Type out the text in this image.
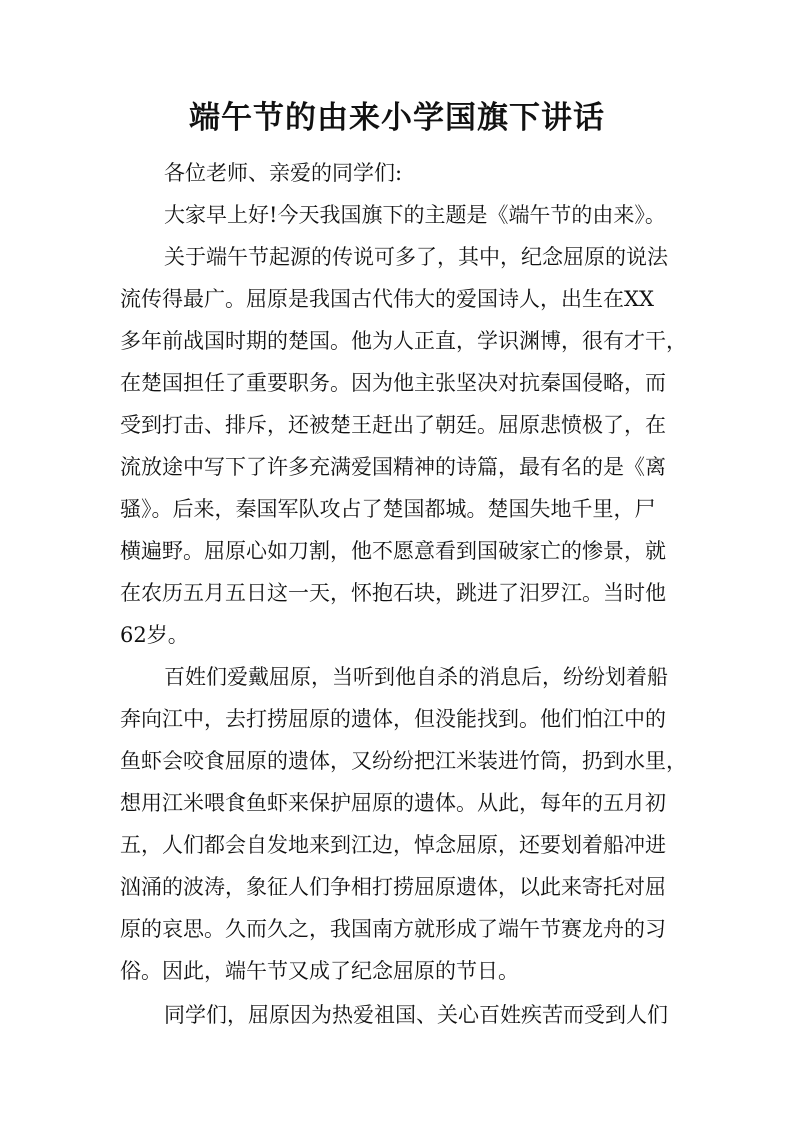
端午节的由来小学国旗下讲话
各位老师、亲爱的同学们:
大家早上好!今天我国旗下的主题是《端午节的由来》。
关于端午节起源的传说可多了，其中，纪念屈原的说法
流传得最广。屈原是我国古代伟大的爱国诗人，出生在XX
多年前战国时期的楚国。他为人正直，学识渊博，很有才干，
在楚国担任了重要职务。因为他主张坚决对抗秦国侵略，而
受到打击、排斥，还被楚王赶出了朝廷。屈原悲愤极了，在
流放途中写下了许多充满爱国精神的诗篇，最有名的是《离
骚》。后来，秦国军队攻占了楚国都城。楚国失地千里，尸
横遍野。屈原心如刀割，他不愿意看到国破家亡的惨景，就
在农历五月五日这一天，怀抱石块，跳进了汨罗江。当时他
62岁。
百姓们爱戴屈原，当听到他自杀的消息后，纷纷划着船
奔向江中，去打捞屈原的遗体，但没能找到。他们怕江中的
鱼虾会咬食屈原的遗体，又纷纷把江米装进竹筒，扔到水里，
想用江米喂食鱼虾来保护屈原的遗体。从此，每年的五月初
五，人们都会自发地来到江边，悼念屈原，还要划着船冲进
汹涌的波涛，象征人们争相打捞屈原遗体，以此来寄托对屈
原的哀思。久而久之，我国南方就形成了端午节赛龙舟的习
俗。因此，端午节又成了纪念屈原的节日。
同学们，屈原因为热爱祖国、关心百姓疾苦而受到人们
